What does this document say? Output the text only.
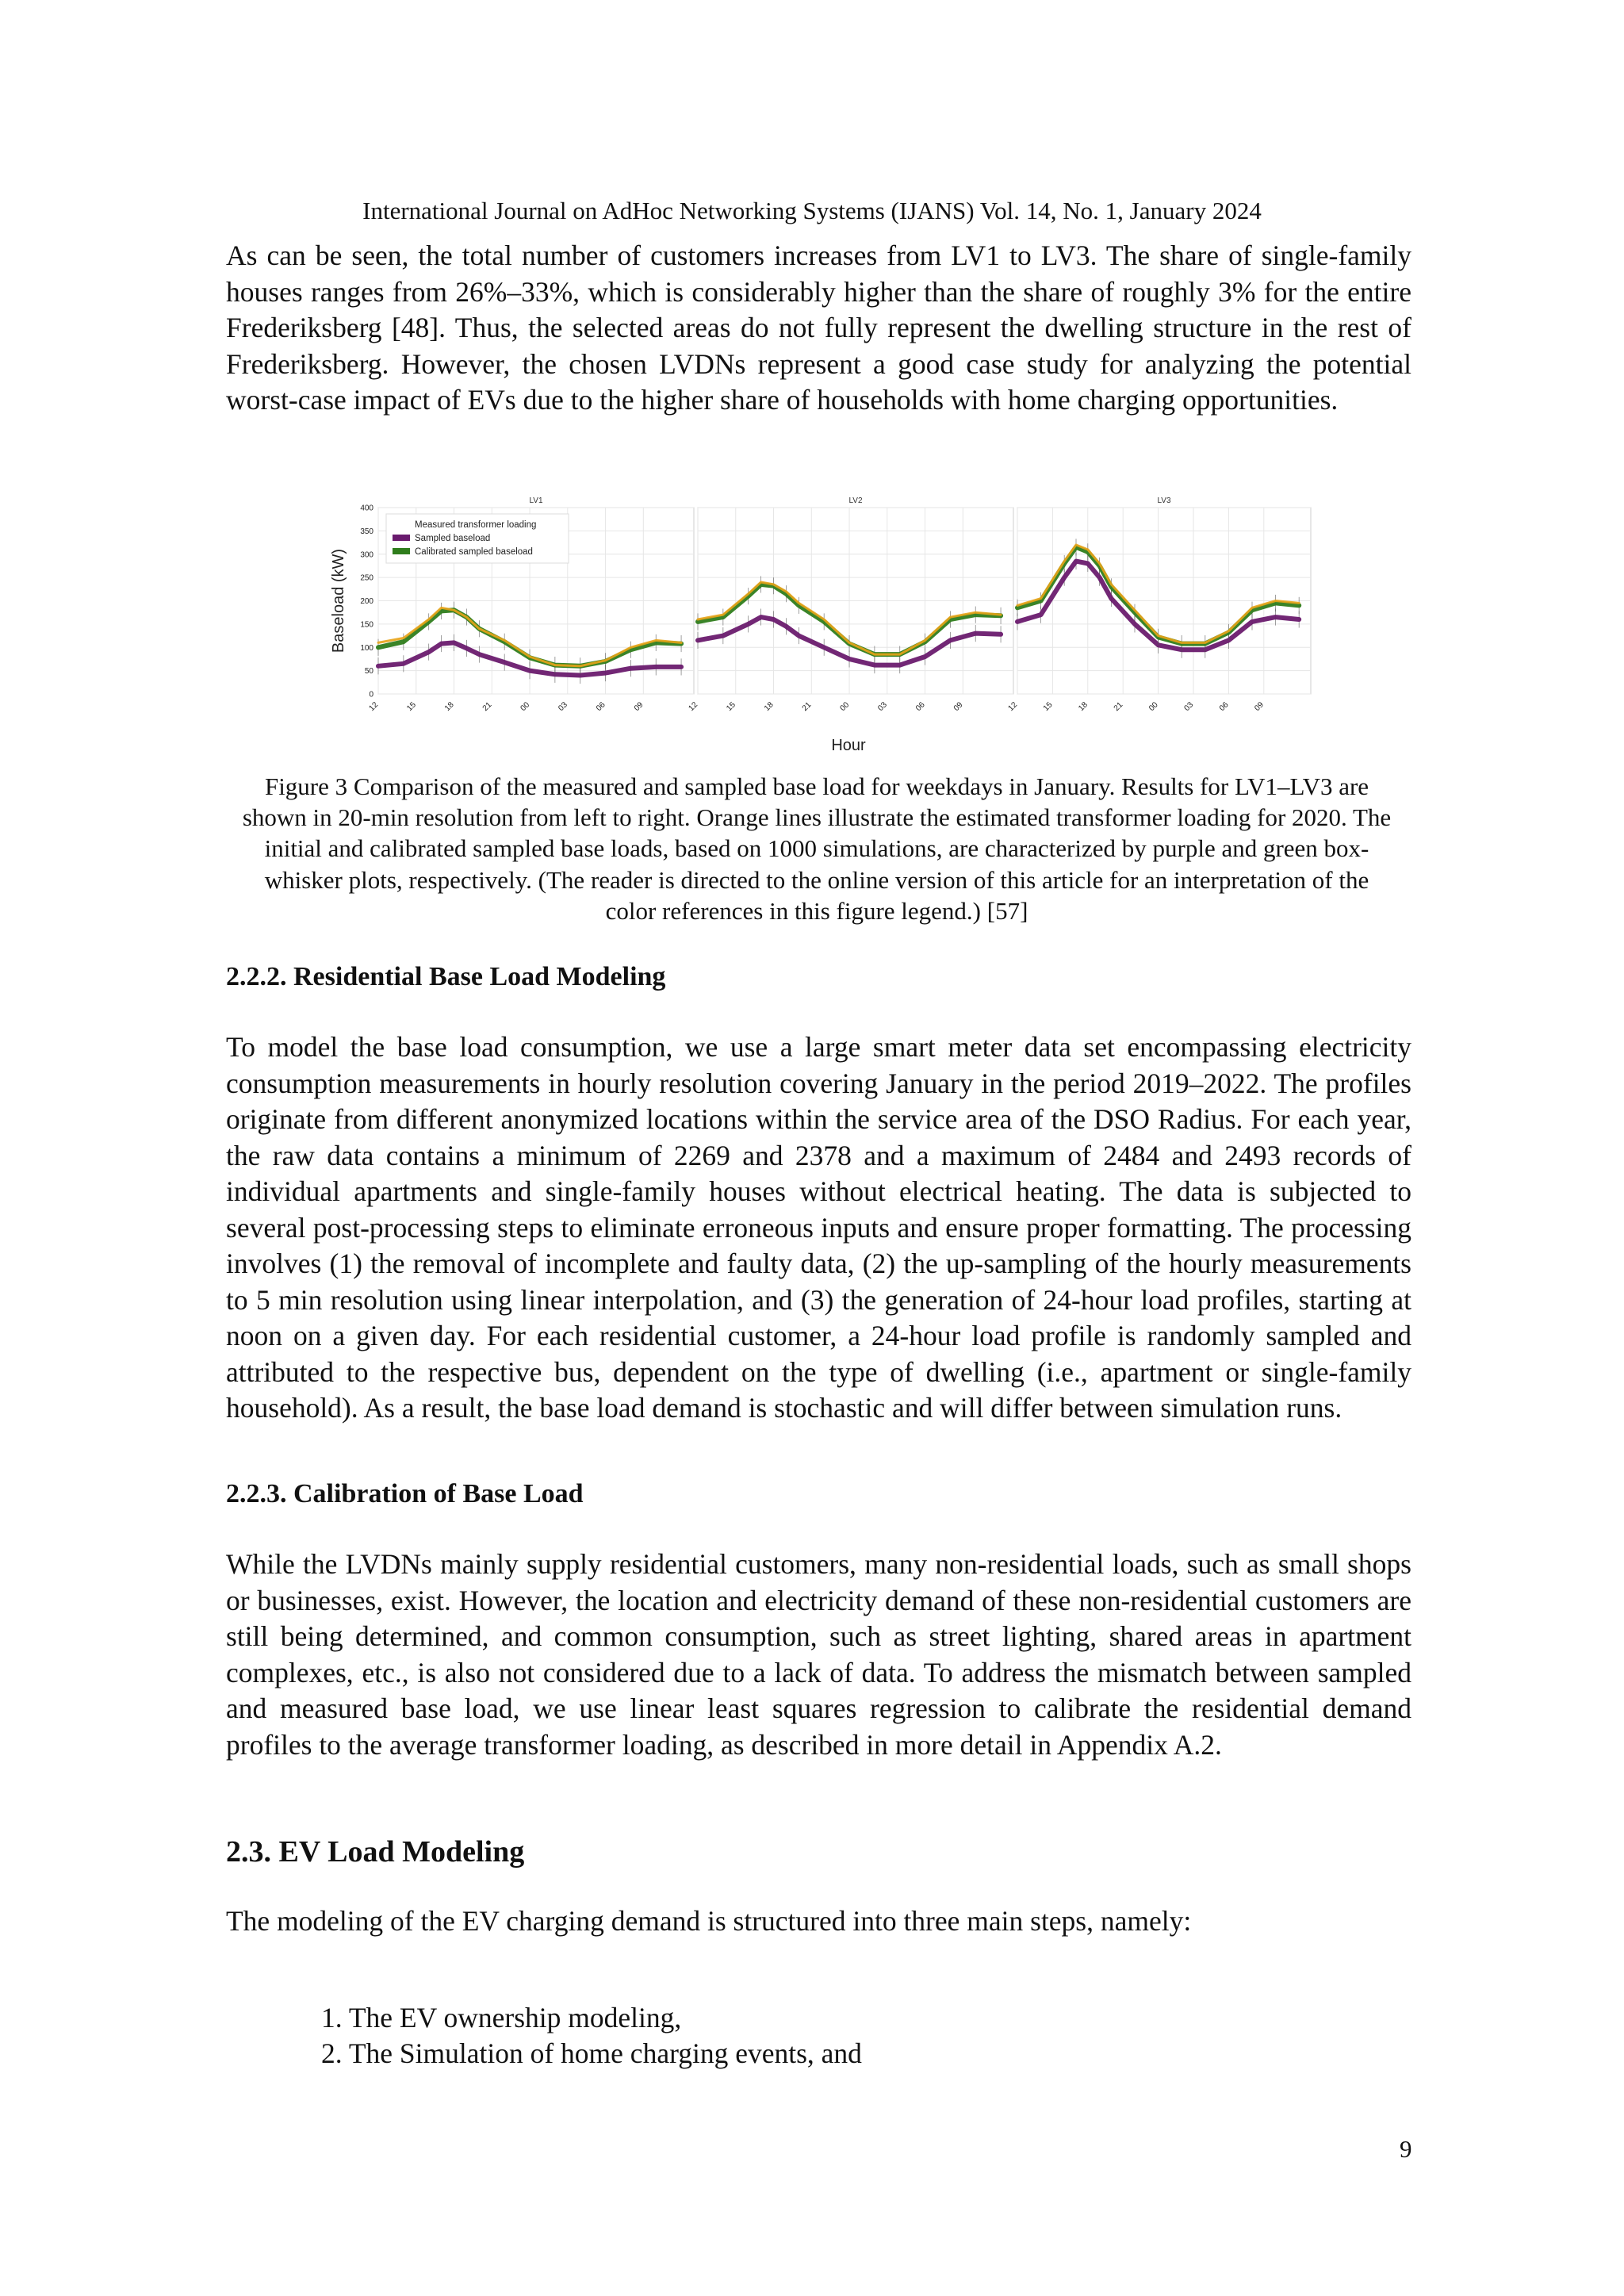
International Journal on AdHoc Networking Systems (IJANS) Vol. 14, No. 1, January 2024

As can be seen, the total number of customers increases from LV1 to LV3. The share of single-family houses ranges from 26%–33%, which is considerably higher than the share of roughly 3% for the entire Frederiksberg [48]. Thus, the selected areas do not fully represent the dwelling structure in the rest of Frederiksberg. However, the chosen LVDNs represent a good case study for analyzing the potential worst-case impact of EVs due to the higher share of households with home charging opportunities.

0
50
100
150
200
250
300
350
400
Baseload (kW)
12	15	18	21	00	03	06	09
LV1
12	15	18	21	00	03	06	09
LV2
12	15	18	21	00	03	06	09
LV3
Measured transformer loading
Sampled baseload
Calibrated sampled baseload
Hour

Figure 3 Comparison of the measured and sampled base load for weekdays in January. Results for LV1–LV3 are shown in 20-min resolution from left to right. Orange lines illustrate the estimated transformer loading for 2020. The initial and calibrated sampled base loads, based on 1000 simulations, are characterized by purple and green box-whisker plots, respectively. (The reader is directed to the online version of this article for an interpretation of the color references in this figure legend.) [57]

2.2.2. Residential Base Load Modeling

To model the base load consumption, we use a large smart meter data set encompassing electricity consumption measurements in hourly resolution covering January in the period 2019–2022. The profiles originate from different anonymized locations within the service area of the DSO Radius. For each year, the raw data contains a minimum of 2269 and 2378 and a maximum of 2484 and 2493 records of individual apartments and single-family houses without electrical heating. The data is subjected to several post-processing steps to eliminate erroneous inputs and ensure proper formatting. The processing involves (1) the removal of incomplete and faulty data, (2) the up-sampling of the hourly measurements to 5 min resolution using linear interpolation, and (3) the generation of 24-hour load profiles, starting at noon on a given day. For each residential customer, a 24-hour load profile is randomly sampled and attributed to the respective bus, dependent on the type of dwelling (i.e., apartment or single-family household). As a result, the base load demand is stochastic and will differ between simulation runs.

2.2.3. Calibration of Base Load

While the LVDNs mainly supply residential customers, many non-residential loads, such as small shops or businesses, exist. However, the location and electricity demand of these non-residential customers are still being determined, and common consumption, such as street lighting, shared areas in apartment complexes, etc., is also not considered due to a lack of data. To address the mismatch between sampled and measured base load, we use linear least squares regression to calibrate the residential demand profiles to the average transformer loading, as described in more detail in Appendix A.2.

2.3. EV Load Modeling

The modeling of the EV charging demand is structured into three main steps, namely:

1. The EV ownership modeling,
2. The Simulation of home charging events, and
9
